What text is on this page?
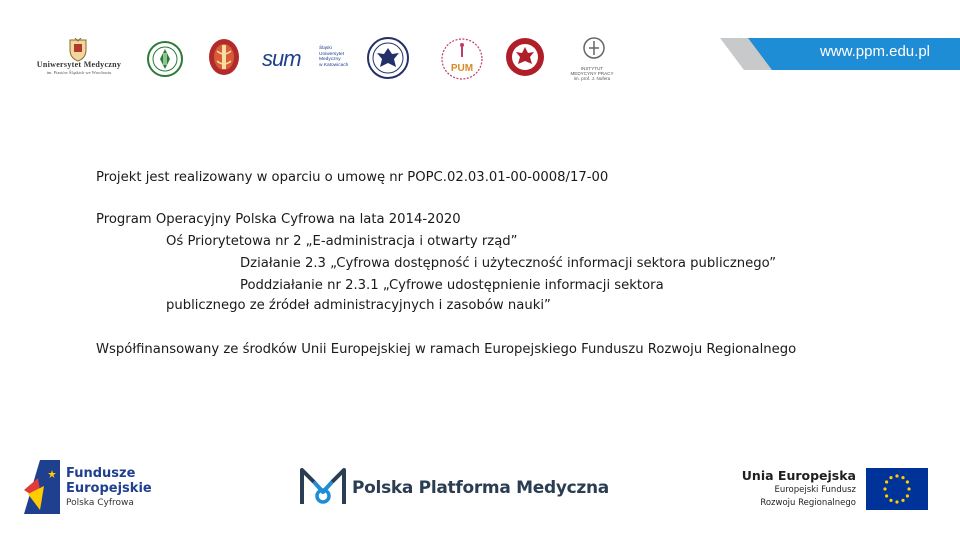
Uniwersytet Medyczny
im. Piastów Śląskich we Wrocławiu
sum	Śląski
Uniwersytet
Medyczny
w Katowicach	PUM	INSTYTUT
MEDYCYNY PRACY
im. prof. J. Nofera
www.ppm.edu.pl
Projekt jest realizowany w oparciu o umowę nr POPC.02.03.01-00-0008/17-00
Program Operacyjny Polska Cyfrowa na lata 2014-2020
Oś Priorytetowa nr 2 „E-administracja i otwarty rząd”
Działanie 2.3 „Cyfrowa dostępność i użyteczność informacji sektora publicznego”
Poddziałanie nr 2.3.1 „Cyfrowe udostępnienie informacji sektora
publicznego ze źródeł administracyjnych i zasobów nauki”
Współfinansowany ze środków Unii Europejskiej w ramach Europejskiego Funduszu Rozwoju Regionalnego
Fundusze
Europejskie
Polska Cyfrowa
Polska Platforma Medyczna
Unia Europejska
Europejski Fundusz
Rozwoju Regionalnego
